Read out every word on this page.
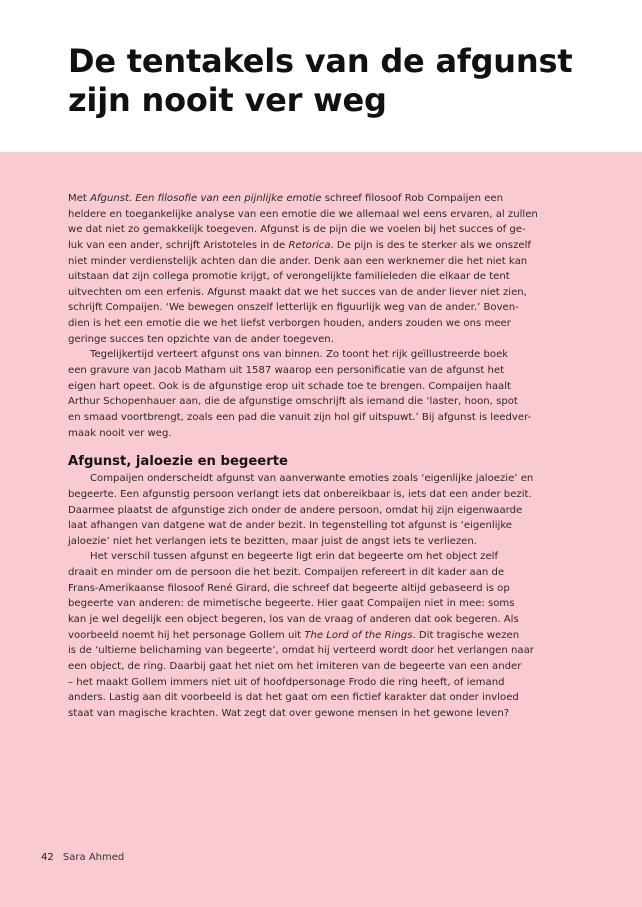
De tentakels van de afgunst zijn nooit ver weg
Met Afgunst. Een filosofie van een pijnlijke emotie schreef filosoof Rob Compaijen een
heldere en toegankelijke analyse van een emotie die we allemaal wel eens ervaren, al zullen
we dat niet zo gemakkelijk toegeven. Afgunst is de pijn die we voelen bij het succes of ge-
luk van een ander, schrijft Aristoteles in de Retorica. De pijn is des te sterker als we onszelf
niet minder verdienstelijk achten dan die ander. Denk aan een werknemer die het niet kan
uitstaan dat zijn collega promotie krijgt, of verongelijkte familieleden die elkaar de tent
uitvechten om een erfenis. Afgunst maakt dat we het succes van de ander liever niet zien,
schrijft Compaijen. ‘We bewegen onszelf letterlijk en figuurlijk weg van de ander.’ Boven-
dien is het een emotie die we het liefst verborgen houden, anders zouden we ons meer
geringe succes ten opzichte van de ander toegeven.
Tegelijkertijd verteert afgunst ons van binnen. Zo toont het rijk geïllustreerde boek
een gravure van Jacob Matham uit 1587 waarop een personificatie van de afgunst het
eigen hart opeet. Ook is de afgunstige erop uit schade toe te brengen. Compaijen haalt
Arthur Schopenhauer aan, die de afgunstige omschrijft als iemand die ‘laster, hoon, spot
en smaad voortbrengt, zoals een pad die vanuit zijn hol gif uitspuwt.’ Bij afgunst is leedver-
maak nooit ver weg.
Afgunst, jaloezie en begeerte
Compaijen onderscheidt afgunst van aanverwante emoties zoals ‘eigenlijke jaloezie’ en
begeerte. Een afgunstig persoon verlangt iets dat onbereikbaar is, iets dat een ander bezit.
Daarmee plaatst de afgunstige zich onder de andere persoon, omdat hij zijn eigenwaarde
laat afhangen van datgene wat de ander bezit. In tegenstelling tot afgunst is ‘eigenlijke
jaloezie’ niet het verlangen iets te bezitten, maar juist de angst iets te verliezen.
Het verschil tussen afgunst en begeerte ligt erin dat begeerte om het object zelf
draait en minder om de persoon die het bezit. Compaijen refereert in dit kader aan de
Frans-Amerikaanse filosoof René Girard, die schreef dat begeerte altijd gebaseerd is op
begeerte van anderen: de mimetische begeerte. Hier gaat Compaijen niet in mee: soms
kan je wel degelijk een object begeren, los van de vraag of anderen dat ook begeren. Als
voorbeeld noemt hij het personage Gollem uit The Lord of the Rings. Dit tragische wezen
is de ‘ultieme belichaming van begeerte’, omdat hij verteerd wordt door het verlangen naar
een object, de ring. Daarbij gaat het niet om het imiteren van de begeerte van een ander
– het maakt Gollem immers niet uit of hoofdpersonage Frodo die ring heeft, of iemand
anders. Lastig aan dit voorbeeld is dat het gaat om een fictief karakter dat onder invloed
staat van magische krachten. Wat zegt dat over gewone mensen in het gewone leven?
42 Sara Ahmed
